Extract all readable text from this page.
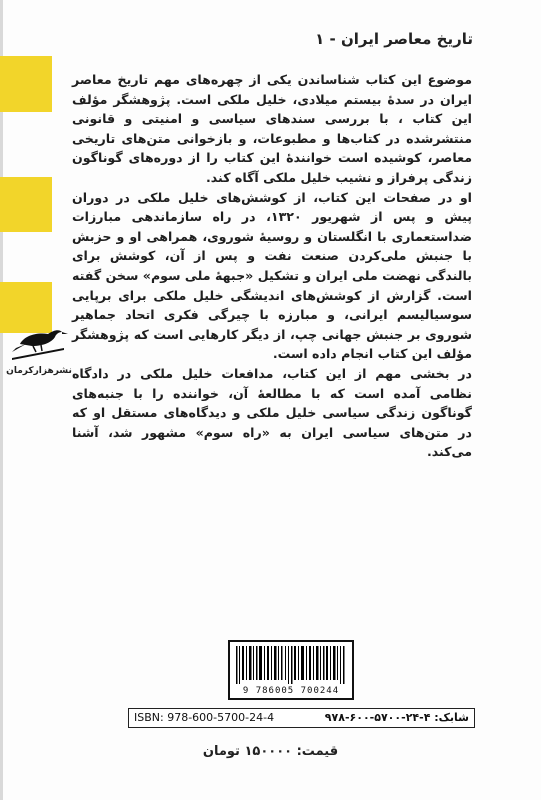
تاریخ معاصر ایران - ۱

موضوع این کتاب شناساندن یکی از چهره‌های مهم تاریخ معاصر ایران در سدهٔ بیستم میلادی، خلیل ملکی است. پژوهشگر مؤلف این کتاب ، با بررسی سندهای سیاسی و امنیتی و قانونی منتشرشده در کتاب‌ها و مطبوعات، و بازخوانی متن‌های تاریخی معاصر، کوشیده است خوانندهٔ این کتاب را از دوره‌های گوناگون زندگی پرفراز و نشیب خلیل ملکی آگاه کند.

او در صفحات این کتاب، از کوشش‌های خلیل ملکی در دوران پیش و پس از شهریور ۱۳۲۰، در راه سازماندهی مبارزات ضداستعماری با انگلستان و روسیهٔ شوروی، همراهی او و حزبش با جنبش ملی‌کردن صنعت نفت و پس از آن، کوشش برای بالندگی نهضت ملی ایران و تشکیل «جبههٔ ملی سوم» سخن گفته است. گزارش از کوشش‌های اندیشگی خلیل ملکی برای برپایی سوسیالیسم ایرانی، و مبارزه با چیرگی فکری اتحاد جماهیر شوروی بر جنبش جهانی چپ، از دیگر کارهایی است که پژوهشگر مؤلف این کتاب انجام داده است.

در بخشی مهم از این کتاب، مدافعات خلیل ملکی در دادگاه نظامی آمده است که با مطالعهٔ آن، خواننده را با جنبه‌های گوناگون زندگی سیاسی خلیل ملکی و دیدگاه‌های مستقل او که در متن‌های سیاسی ایران به «راه سوم» مشهور شد، آشنا می‌کند.

نشرهزارکرمان
9 786005 700244
ISBN: 978-600-5700-24-4	شابک: ۴-۲۴-۵۷۰۰-۶۰۰-۹۷۸
قیمت: ۱۵۰۰۰۰ تومان
